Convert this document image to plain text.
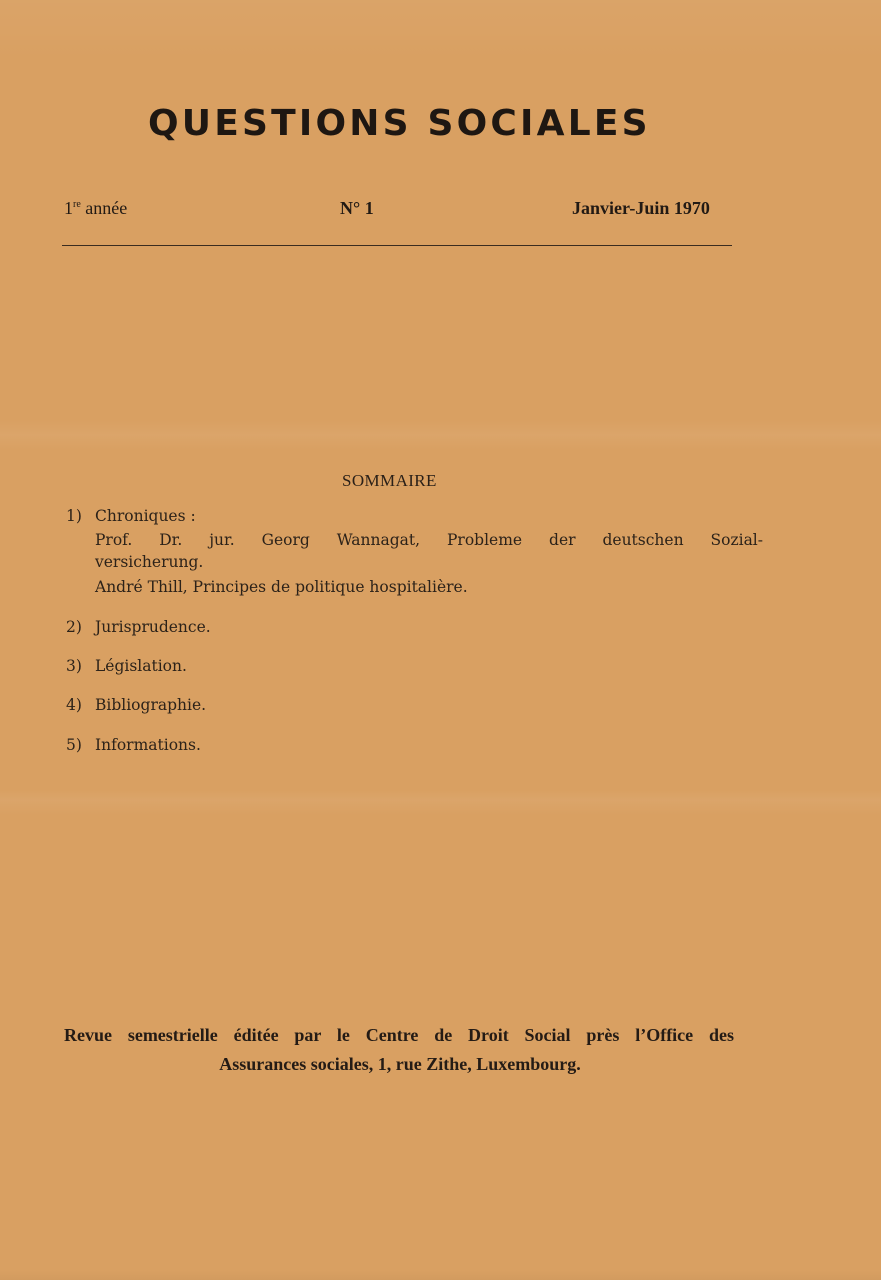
QUESTIONS SOCIALES
1re année	N° 1	Janvier-Juin 1970
SOMMAIRE
1) Chroniques :
Prof. Dr. jur. Georg Wannagat, Probleme der deutschen Sozial-
versicherung.
André Thill, Principes de politique hospitalière.
2) Jurisprudence.
3) Législation.
4) Bibliographie.
5) Informations.
Revue semestrielle éditée par le Centre de Droit Social près l’Office des
Assurances sociales, 1, rue Zithe, Luxembourg.
